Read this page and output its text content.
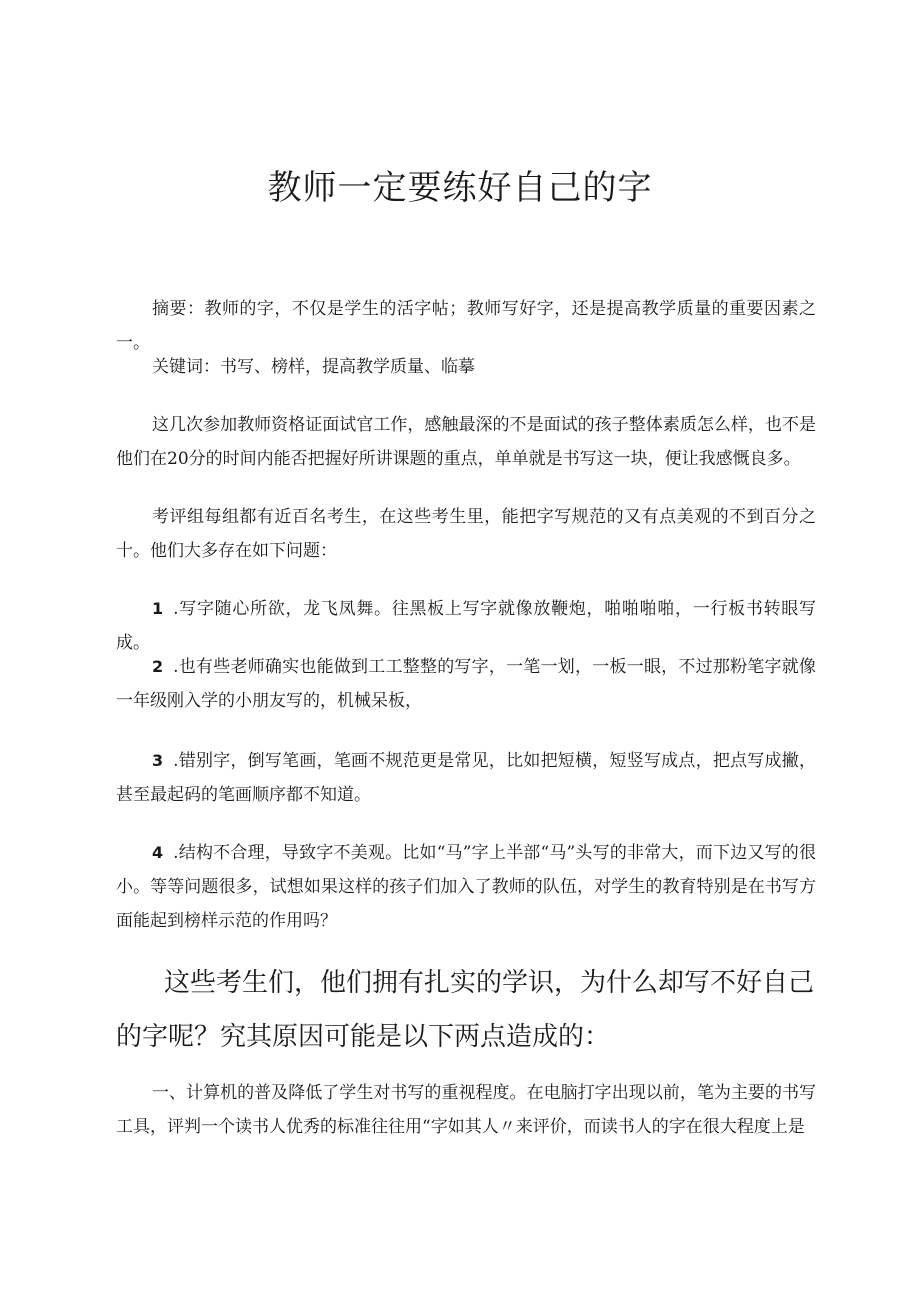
教师一定要练好自己的字

摘要：教师的字，不仅是学生的活字帖；教师写好字，还是提高教学质量的重要因素之一。

关键词：书写、榜样，提高教学质量、临摹

这几次参加教师资格证面试官工作，感触最深的不是面试的孩子整体素质怎么样，也不是他们在20分的时间内能否把握好所讲课题的重点，单单就是书写这一块，便让我感慨良多。

考评组每组都有近百名考生，在这些考生里，能把字写规范的又有点美观的不到百分之十。他们大多存在如下问题：

1 .写字随心所欲，龙飞凤舞。往黑板上写字就像放鞭炮，啪啪啪啪，一行板书转眼写成。

2 .也有些老师确实也能做到工工整整的写字，一笔一划，一板一眼，不过那粉笔字就像一年级刚入学的小朋友写的，机械呆板，

3 .错别字，倒写笔画，笔画不规范更是常见，比如把短横，短竖写成点，把点写成撇，甚至最起码的笔画顺序都不知道。

4 .结构不合理，导致字不美观。比如“马”字上半部“马”头写的非常大，而下边又写的很小。等等问题很多，试想如果这样的孩子们加入了教师的队伍，对学生的教育特别是在书写方面能起到榜样示范的作用吗？

这些考生们，他们拥有扎实的学识，为什么却写不好自己的字呢？究其原因可能是以下两点造成的：

一、计算机的普及降低了学生对书写的重视程度。在电脑打字出现以前，笔为主要的书写工具，评判一个读书人优秀的标准往往用“字如其人〃来评价，而读书人的字在很大程度上是
